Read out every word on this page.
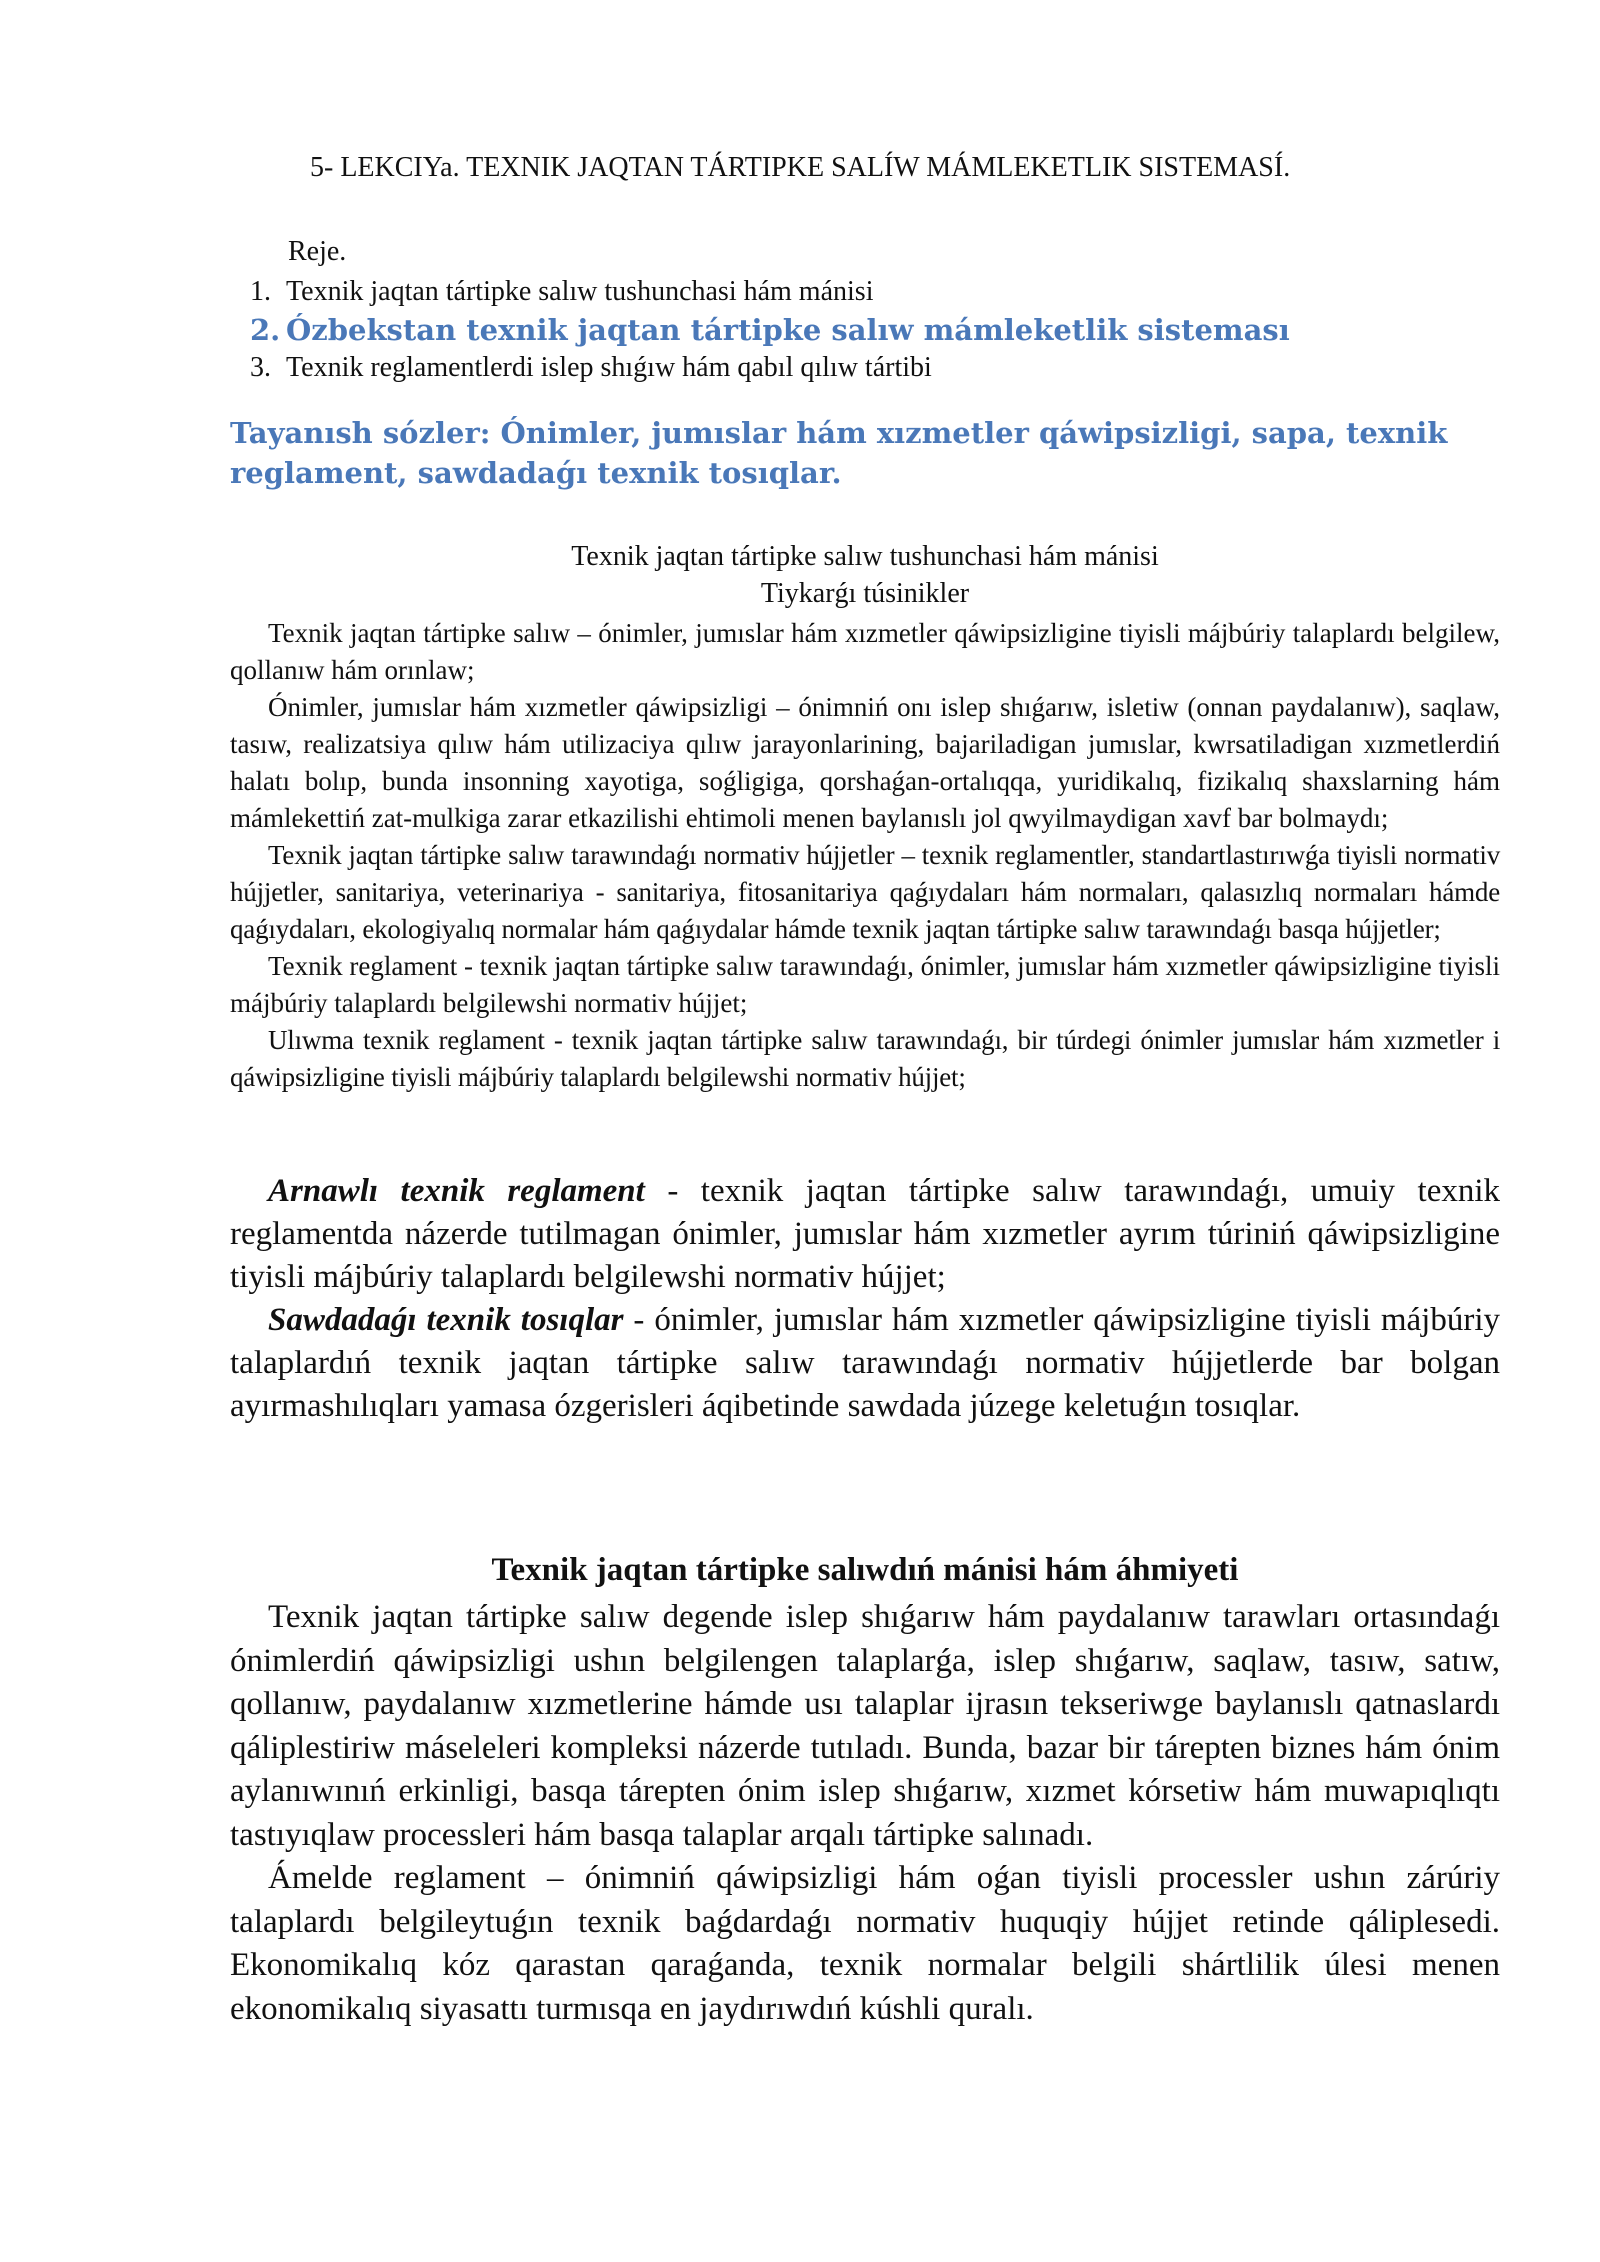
5- LEKCIYa. TEXNIK JAQTAN TÁRTIPKE SALÍW MÁMLEKETLIK SISTEMASÍ.
Reje.
1. Texnik jaqtan tártipke salıw tushunchasi hám mánisi
2. Ózbekstan texnik jaqtan tártipke salıw mámleketlik sisteması
3. Texnik reglamentlerdi islep shıǵıw hám qabıl qılıw tártibi
Tayanısh sózler: Ónimler, jumıslar hám xızmetler qáwipsizligi, sapa, texnik reglament, sawdadaǵı texnik tosıqlar.
Texnik jaqtan tártipke salıw tushunchasi hám mánisi
Tiykarǵı túsinikler

Texnik jaqtan tártipke salıw – ónimler, jumıslar hám xızmetler qáwipsizligine tiyisli májbúriy talaplardı belgilew, qollanıw hám orınlaw;

Ónimler, jumıslar hám xızmetler qáwipsizligi – ónimniń onı islep shıǵarıw, isletiw (onnan paydalanıw), saqlaw, tasıw, realizatsiya qılıw hám utilizaciya qılıw jarayonlarining, bajariladigan jumıslar, kwrsatiladigan xızmetlerdiń halatı bolıp, bunda insonning xayotiga, soǵligiga, qorshaǵan-ortalıqqa, yuridikalıq, fizikalıq shaxslarning hám mámlekettiń zat-mulkiga zarar etkazilishi ehtimoli menen baylanıslı jol qwyilmaydigan xavf bar bolmaydı;

Texnik jaqtan tártipke salıw tarawındaǵı normativ hújjetler – texnik reglamentler, standartlastırıwǵa tiyisli normativ hújjetler, sanitariya, veterinariya - sanitariya, fitosanitariya qaǵıydaları hám normaları, qalasızlıq normaları hámde qaǵıydaları, ekologiyalıq normalar hám qaǵıydalar hámde texnik jaqtan tártipke salıw tarawındaǵı basqa hújjetler;

Texnik reglament - texnik jaqtan tártipke salıw tarawındaǵı, ónimler, jumıslar hám xızmetler qáwipsizligine tiyisli májbúriy talaplardı belgilewshi normativ hújjet;

Ulıwma texnik reglament - texnik jaqtan tártipke salıw tarawındaǵı, bir túrdegi ónimler jumıslar hám xızmetler i qáwipsizligine tiyisli májbúriy talaplardı belgilewshi normativ hújjet;

Arnawlı texnik reglament - texnik jaqtan tártipke salıw tarawındaǵı, umuiy texnik reglamentda názerde tutilmagan ónimler, jumıslar hám xızmetler ayrım túriniń qáwipsizligine tiyisli májbúriy talaplardı belgilewshi normativ hújjet;

Sawdadaǵı texnik tosıqlar - ónimler, jumıslar hám xızmetler qáwipsizligine tiyisli májbúriy talaplardıń texnik jaqtan tártipke salıw tarawındaǵı normativ hújjetlerde bar bolgan ayırmashılıqları yamasa ózgerisleri áqibetinde sawdada júzege keletuǵın tosıqlar.

Texnik jaqtan tártipke salıwdıń mánisi hám áhmiyeti

Texnik jaqtan tártipke salıw degende islep shıǵarıw hám paydalanıw tarawları ortasındaǵı ónimlerdiń qáwipsizligi ushın belgilengen talaplarǵa, islep shıǵarıw, saqlaw, tasıw, satıw, qollanıw, paydalanıw xızmetlerine hámde usı talaplar ijrasın tekseriwge baylanıslı qatnaslardı qáliplestiriw máseleleri kompleksi názerde tutıladı. Bunda, bazar bir tárepten biznes hám ónim aylanıwınıń erkinligi, basqa tárepten ónim islep shıǵarıw, xızmet kórsetiw hám muwapıqlıqtı tastıyıqlaw processleri hám basqa talaplar arqalı tártipke salınadı.

Ámelde reglament – ónimniń qáwipsizligi hám oǵan tiyisli processler ushın zárúriy talaplardı belgileytuǵın texnik baǵdardaǵı normativ huquqiy hújjet retinde qáliplesedi. Ekonomikalıq kóz qarastan qaraǵanda, texnik normalar belgili shártlilik úlesi menen ekonomikalıq siyasattı turmısqa en jaydırıwdıń kúshli quralı.
